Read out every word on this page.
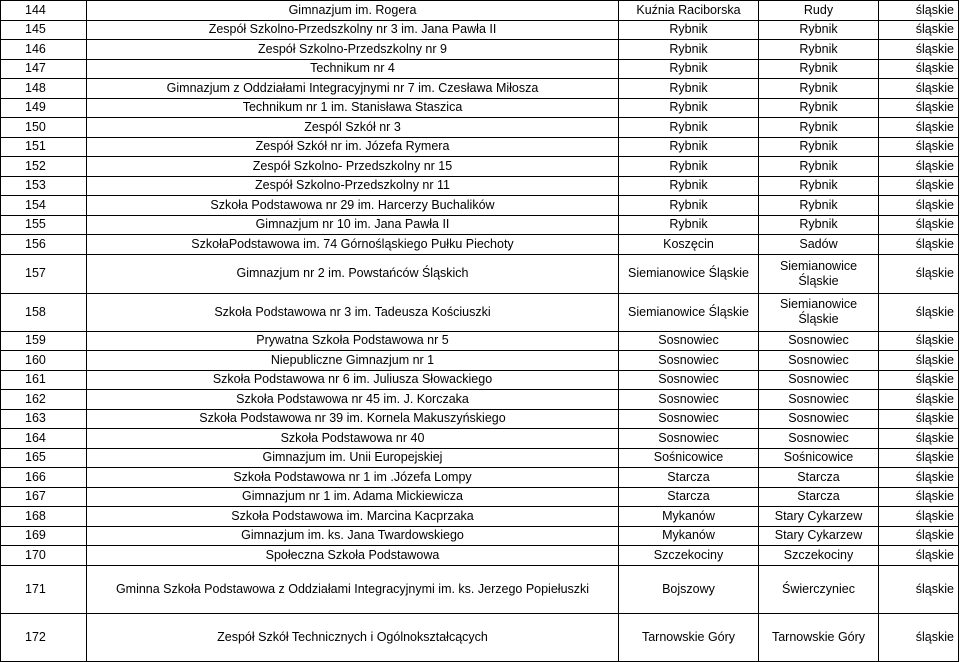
144	Gimnazjum im. Rogera	Kuźnia Raciborska	Rudy	śląskie
145	Zespół Szkolno-Przedszkolny nr 3 im. Jana Pawła II	Rybnik	Rybnik	śląskie
146	Zespół Szkolno-Przedszkolny nr 9	Rybnik	Rybnik	śląskie
147	Technikum nr 4	Rybnik	Rybnik	śląskie
148	Gimnazjum z Oddziałami Integracyjnymi nr 7 im. Czesława Miłosza	Rybnik	Rybnik	śląskie
149	Technikum nr 1 im. Stanisława Staszica	Rybnik	Rybnik	śląskie
150	Zespól Szkół nr 3	Rybnik	Rybnik	śląskie
151	Zespół Szkół nr im. Józefa Rymera	Rybnik	Rybnik	śląskie
152	Zespół Szkolno- Przedszkolny nr 15	Rybnik	Rybnik	śląskie
153	Zespół Szkolno-Przedszkolny nr 11	Rybnik	Rybnik	śląskie
154	Szkoła Podstawowa nr 29 im. Harcerzy Buchalików	Rybnik	Rybnik	śląskie
155	Gimnazjum nr 10 im. Jana Pawła II	Rybnik	Rybnik	śląskie
156	SzkołaPodstawowa im. 74 Górnośląskiego Pułku Piechoty	Koszęcin	Sadów	śląskie
157	Gimnazjum nr 2 im. Powstańców Śląskich	Siemianowice Śląskie	Siemianowice Śląskie	śląskie
158	Szkoła Podstawowa nr 3 im. Tadeusza Kościuszki	Siemianowice Śląskie	Siemianowice Śląskie	śląskie
159	Prywatna Szkoła Podstawowa nr 5	Sosnowiec	Sosnowiec	śląskie
160	Niepubliczne Gimnazjum nr 1	Sosnowiec	Sosnowiec	śląskie
161	Szkoła Podstawowa nr 6 im. Juliusza Słowackiego	Sosnowiec	Sosnowiec	śląskie
162	Szkoła Podstawowa nr 45 im. J. Korczaka	Sosnowiec	Sosnowiec	śląskie
163	Szkoła Podstawowa nr 39 im. Kornela Makuszyńskiego	Sosnowiec	Sosnowiec	śląskie
164	Szkoła Podstawowa nr 40	Sosnowiec	Sosnowiec	śląskie
165	Gimnazjum im. Unii Europejskiej	Sośnicowice	Sośnicowice	śląskie
166	Szkoła Podstawowa nr 1 im .Józefa Lompy	Starcza	Starcza	śląskie
167	Gimnazjum nr 1 im. Adama Mickiewicza	Starcza	Starcza	śląskie
168	Szkoła Podstawowa im. Marcina Kacprzaka	Mykanów	Stary Cykarzew	śląskie
169	Gimnazjum im. ks. Jana Twardowskiego	Mykanów	Stary Cykarzew	śląskie
170	Społeczna Szkoła Podstawowa	Szczekociny	Szczekociny	śląskie
171	Gminna Szkoła Podstawowa z Oddziałami Integracyjnymi im. ks. Jerzego Popiełuszki	Bojszowy	Świerczyniec	śląskie
172	Zespół Szkół Technicznych i Ogólnokształcących	Tarnowskie Góry	Tarnowskie Góry	śląskie
